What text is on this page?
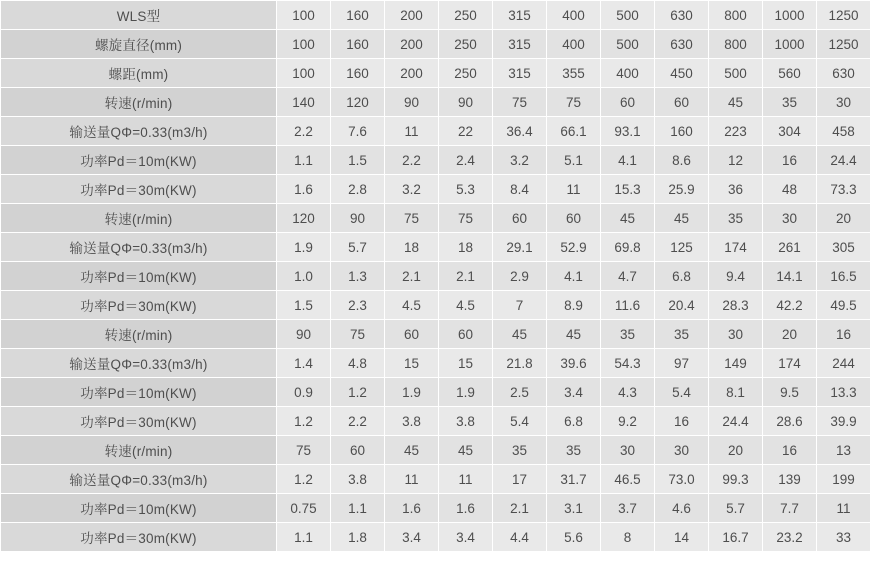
WLS型	100	160	200	250	315	400	500	630	800	1000	1250
螺旋直径(mm)	100	160	200	250	315	400	500	630	800	1000	1250
螺距(mm)	100	160	200	250	315	355	400	450	500	560	630
转速(r/min)	140	120	90	90	75	75	60	60	45	35	30
输送量QΦ=0.33(m3/h)	2.2	7.6	11	22	36.4	66.1	93.1	160	223	304	458
功率Pd＝10m(KW)	1.1	1.5	2.2	2.4	3.2	5.1	4.1	8.6	12	16	24.4
功率Pd＝30m(KW)	1.6	2.8	3.2	5.3	8.4	11	15.3	25.9	36	48	73.3
转速(r/min)	120	90	75	75	60	60	45	45	35	30	20
输送量QΦ=0.33(m3/h)	1.9	5.7	18	18	29.1	52.9	69.8	125	174	261	305
功率Pd＝10m(KW)	1.0	1.3	2.1	2.1	2.9	4.1	4.7	6.8	9.4	14.1	16.5
功率Pd＝30m(KW)	1.5	2.3	4.5	4.5	7	8.9	11.6	20.4	28.3	42.2	49.5
转速(r/min)	90	75	60	60	45	45	35	35	30	20	16
输送量QΦ=0.33(m3/h)	1.4	4.8	15	15	21.8	39.6	54.3	97	149	174	244
功率Pd＝10m(KW)	0.9	1.2	1.9	1.9	2.5	3.4	4.3	5.4	8.1	9.5	13.3
功率Pd＝30m(KW)	1.2	2.2	3.8	3.8	5.4	6.8	9.2	16	24.4	28.6	39.9
转速(r/min)	75	60	45	45	35	35	30	30	20	16	13
输送量QΦ=0.33(m3/h)	1.2	3.8	11	11	17	31.7	46.5	73.0	99.3	139	199
功率Pd＝10m(KW)	0.75	1.1	1.6	1.6	2.1	3.1	3.7	4.6	5.7	7.7	11
功率Pd＝30m(KW)	1.1	1.8	3.4	3.4	4.4	5.6	8	14	16.7	23.2	33
